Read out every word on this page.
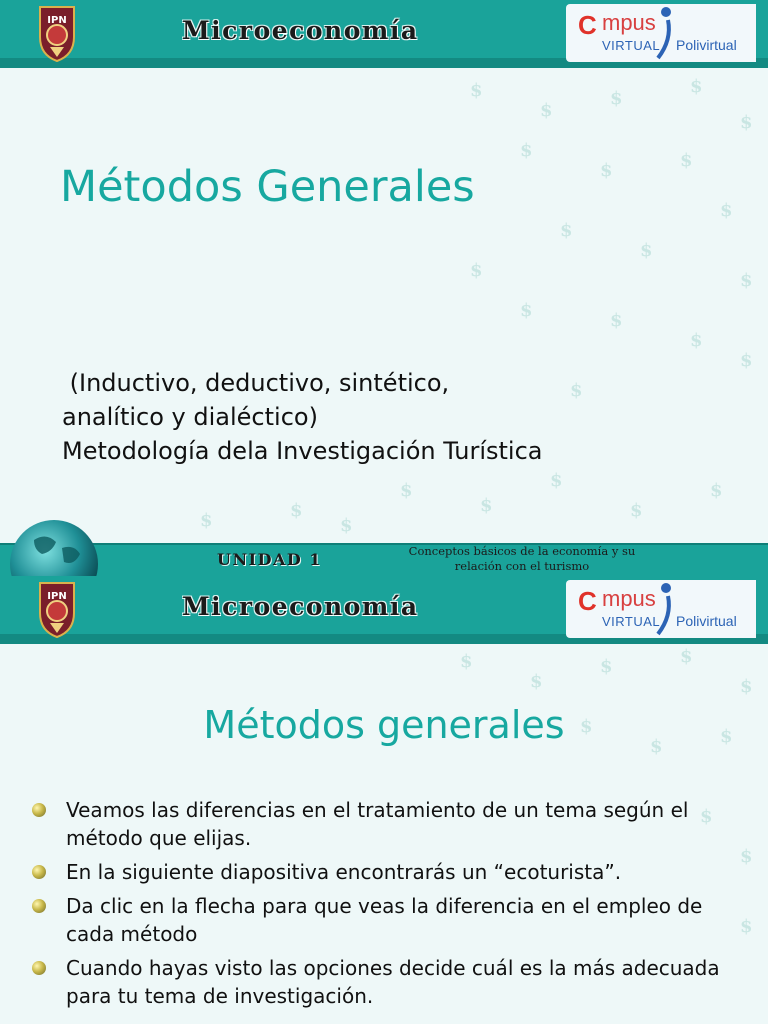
$
$
$
$
$
$
$	$
$
$
$
$	$
$	$
$
$
$
$
$
$
$
$
$
$	$
IPN	Microeconomía	C mpus
VIRTUAL Polivirtual
Métodos Generales
(Inductivo, deductivo, sintético,
analítico y dialéctico)
Metodología dela Investigación Turística
UNIDAD 1	Conceptos básicos de la economía y su relación con el turismo
$
$
$	$
$
$
$	$
$
$
$
IPN	Microeconomía	C mpus
VIRTUAL Polivirtual
Métodos generales
Veamos las diferencias en el tratamiento de un tema según el método que elijas.
En la siguiente diapositiva encontrarás un “ecoturista”.
Da clic en la flecha para que veas la diferencia en el empleo de cada método
Cuando hayas visto las opciones decide cuál es la más adecuada para tu tema de investigación.
